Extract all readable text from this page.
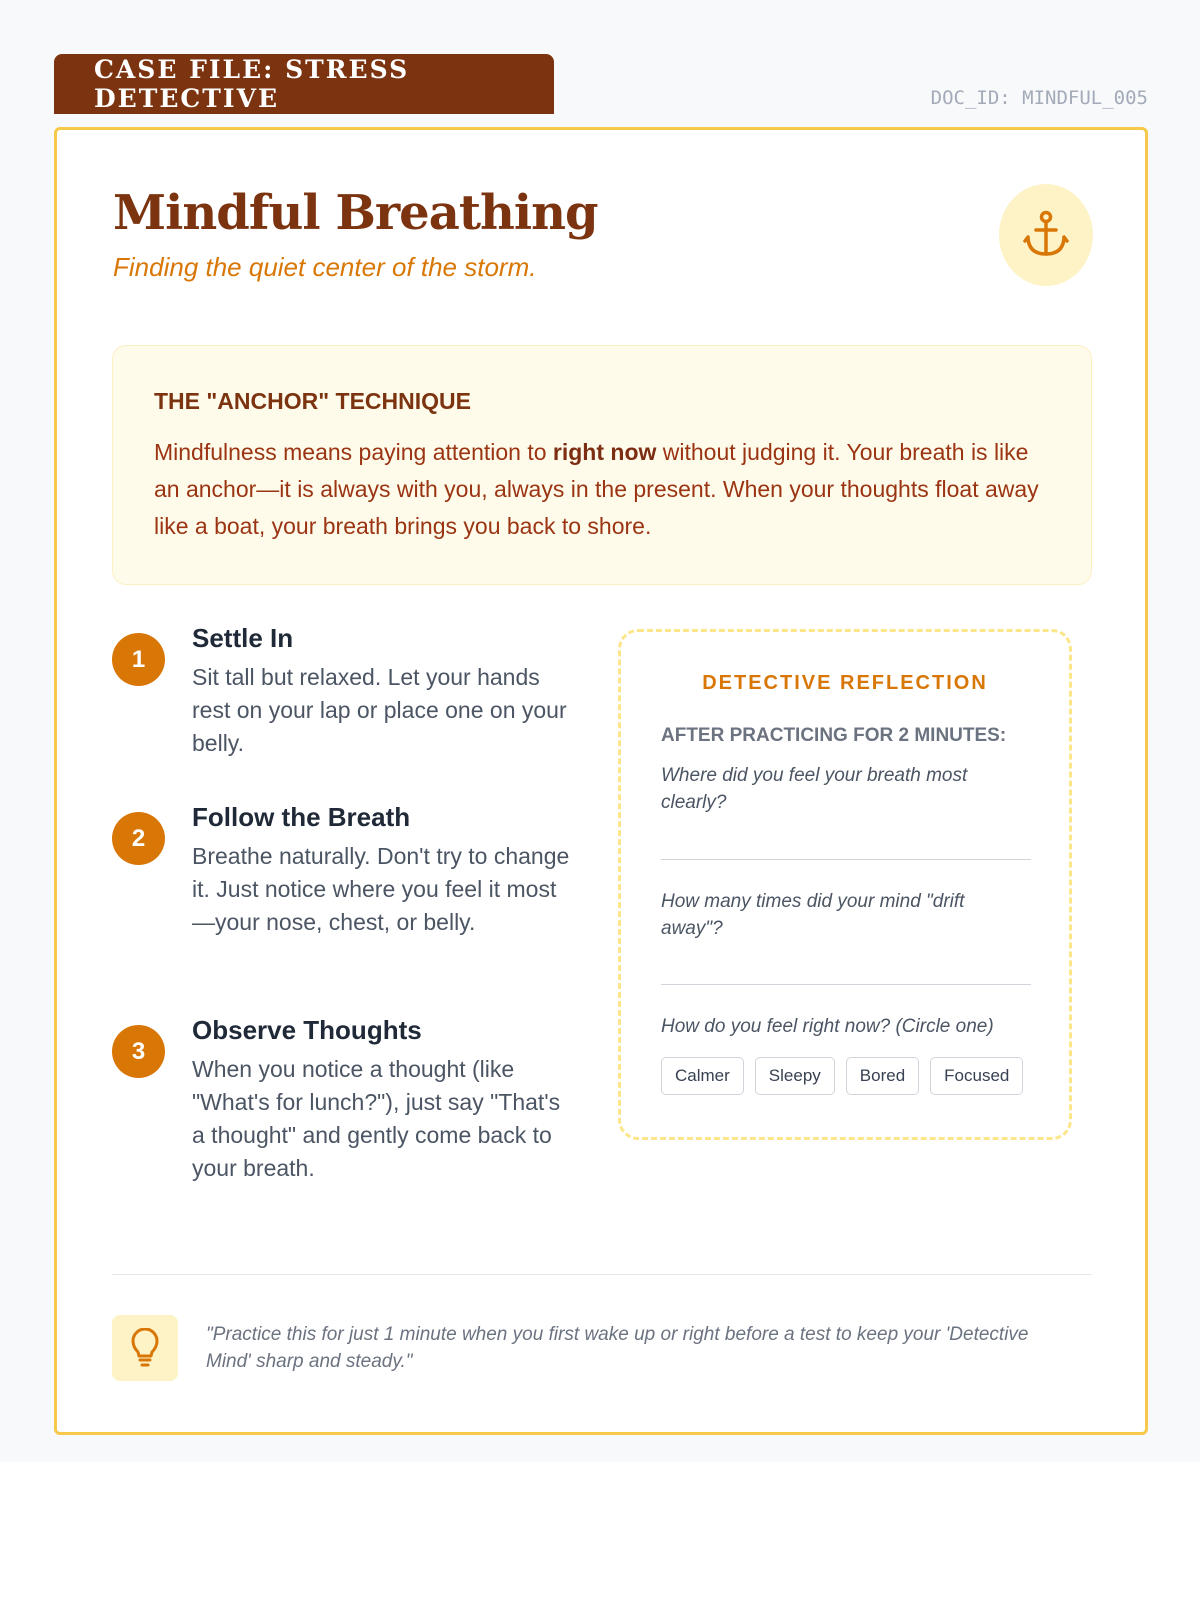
CASE FILE: STRESS DETECTIVE	DOC_ID: MINDFUL_005
Mindful Breathing
Finding the quiet center of the storm.
THE "ANCHOR" TECHNIQUE
Mindfulness means paying attention to right now without judging it. Your breath is like an anchor—it is always with you, always in the present. When your thoughts float away like a boat, your breath brings you back to shore.
1
Settle In
Sit tall but relaxed. Let your hands rest on your lap or place one on your belly.
2
Follow the Breath
Breathe naturally. Don't try to change it. Just notice where you feel it most—your nose, chest, or belly.
3
Observe Thoughts
When you notice a thought (like "What's for lunch?"), just say "That's a thought" and gently come back to your breath.
DETECTIVE REFLECTION
AFTER PRACTICING FOR 2 MINUTES:
Where did you feel your breath most clearly?
How many times did your mind "drift away"?
How do you feel right now? (Circle one)
Calmer	Sleepy	Bored	Focused
"Practice this for just 1 minute when you first wake up or right before a test to keep your 'Detective Mind' sharp and steady."
